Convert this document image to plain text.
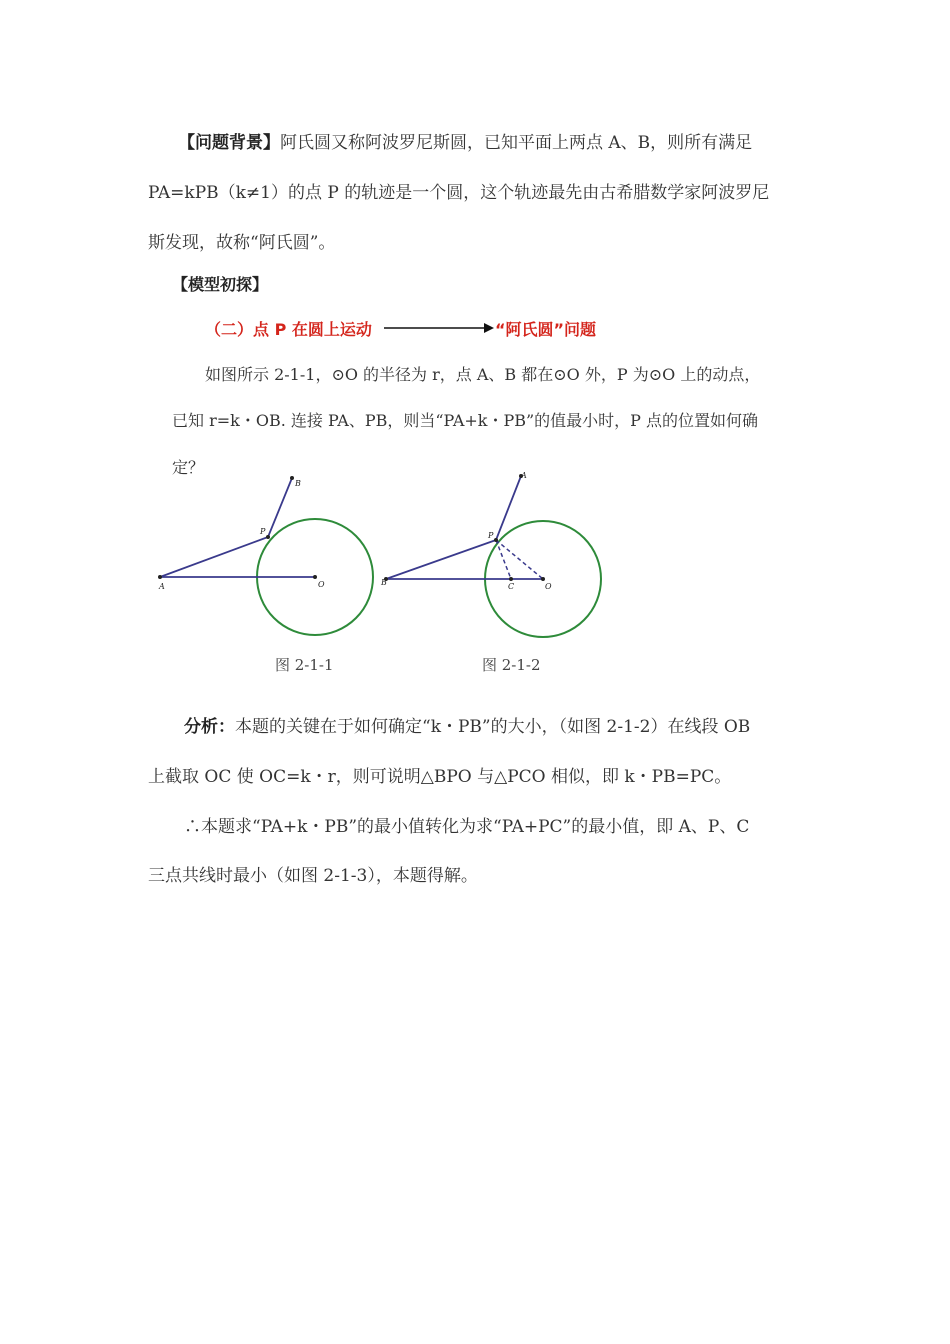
【问题背景】阿氏圆又称阿波罗尼斯圆，已知平面上两点 A、B，则所有满足
PA=kPB（k≠1）的点 P 的轨迹是一个圆，这个轨迹最先由古希腊数学家阿波罗尼
斯发现，故称“阿氏圆”。
【模型初探】
（二）点 P 在圆上运动	“阿氏圆”问题
如图所示 2-1-1，⊙O 的半径为 r，点 A、B 都在⊙O 外，P 为⊙O 上的动点，
已知 r=k・OB. 连接 PA、PB，则当“PA+k・PB”的值最小时，P 点的位置如何确
定？
A	O
P
B
图 2-1-1
B	C	O
P
A
图 2-1-2
分析：本题的关键在于如何确定“k・PB”的大小，（如图 2-1-2）在线段 OB
上截取 OC 使 OC=k・r，则可说明△BPO 与△PCO 相似，即 k・PB=PC。
∴本题求“PA+k・PB”的最小值转化为求“PA+PC”的最小值，即 A、P、C
三点共线时最小（如图 2-1-3），本题得解。
